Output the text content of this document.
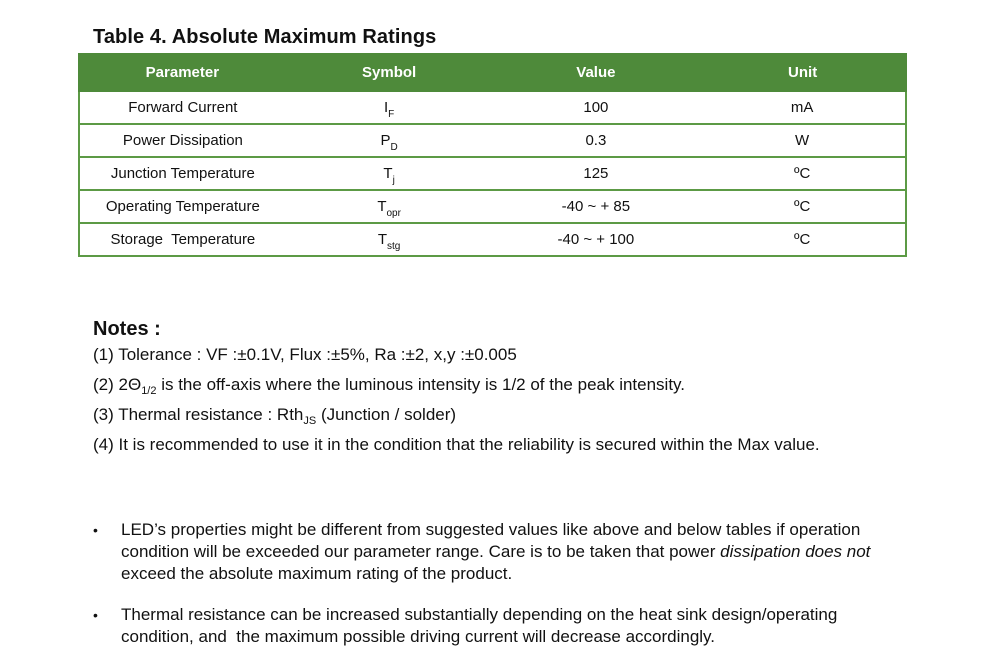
Table 4. Absolute Maximum Ratings
Parameter	Symbol	Value	Unit
Forward Current	$I_F$	100	mA
Power Dissipation	$P_D$	0.3	W
Junction Temperature	$T_j$	125	ºC
Operating Temperature	$T_{opr}$	-40 ~ + 85	ºC
Storage  Temperature	$T_{stg}$	-40 ~ + 100	ºC
Notes :
(1) Tolerance : VF :±0.1V, Flux :±5%, Ra :±2, x,y :±0.005
(2) $2\Theta_{1/2}$ is the off-axis where the luminous intensity is 1/2 of the peak intensity.
(3) Thermal resistance : Rth$_{JS}$ (Junction / solder)
(4) It is recommended to use it in the condition that the reliability is secured within the Max value.
• LED’s properties might be different from suggested values like above and below tables if operation condition will be exceeded our parameter range. Care is to be taken that power dissipation does not exceed the absolute maximum rating of the product.
• Thermal resistance can be increased substantially depending on the heat sink design/operating condition, and  the maximum possible driving current will decrease accordingly.
